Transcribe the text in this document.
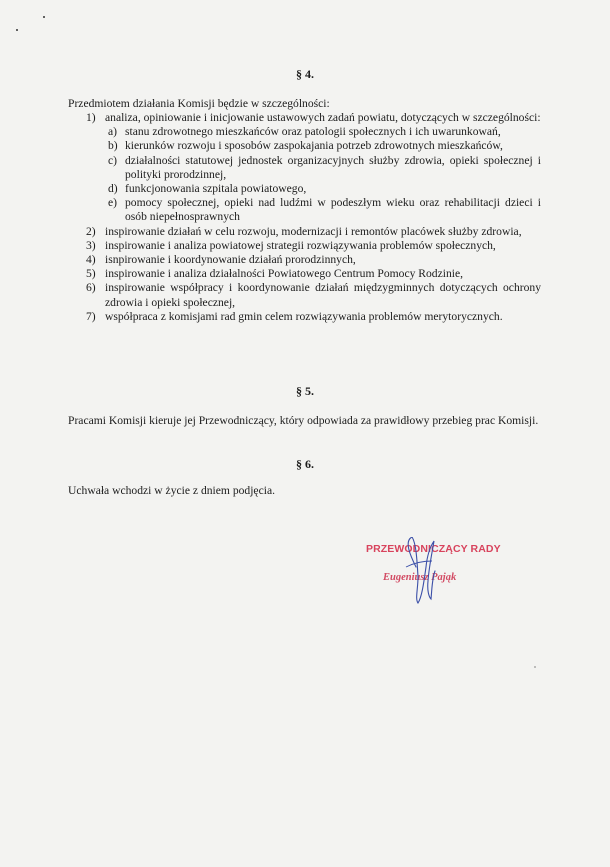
§ 4.

Przedmiotem działania Komisji będzie w szczególności:

1) analiza, opiniowanie i inicjowanie ustawowych zadań powiatu, dotyczących w szczególności:
a) stanu zdrowotnego mieszkańców oraz patologii społecznych i ich uwarunkowań,
b) kierunków rozwoju i sposobów zaspokajania potrzeb zdrowotnych mieszkańców,
c) działalności statutowej jednostek organizacyjnych służby zdrowia, opieki społecznej i polityki prorodzinnej,
d) funkcjonowania szpitala powiatowego,
e) pomocy społecznej, opieki nad ludźmi w podeszłym wieku oraz rehabilitacji dzieci i osób niepełnosprawnych
2) inspirowanie działań w celu rozwoju, modernizacji i remontów placówek służby zdrowia,
3) inspirowanie i analiza powiatowej strategii rozwiązywania problemów społecznych,
4) isnpirowanie i koordynowanie działań prorodzinnych,
5) inspirowanie i analiza działalności Powiatowego Centrum Pomocy Rodzinie,
6) inspirowanie współpracy i koordynowanie działań międzygminnych dotyczących ochrony zdrowia i opieki społecznej,
7) współpraca z komisjami rad gmin celem rozwiązywania problemów merytorycznych.
§ 5.

Pracami Komisji kieruje jej Przewodniczący, który odpowiada za prawidłowy przebieg prac Komisji.

§ 6.

Uchwała wchodzi w życie z dniem podjęcia.

PRZEWODNICZĄCY RADY

Eugeniusz Pająk
